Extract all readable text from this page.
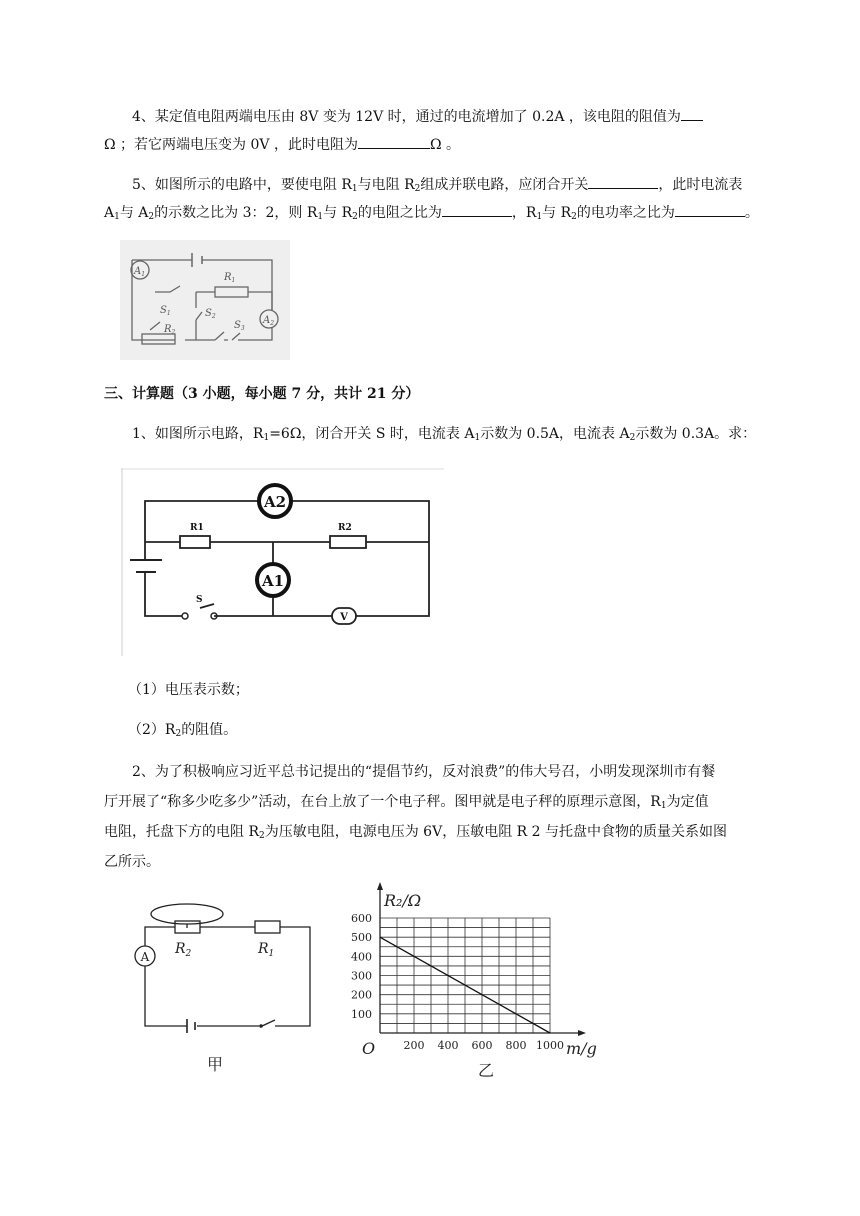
4、某定值电阻两端电压由 8V 变为 12V 时，通过的电流增加了 0.2A ，该电阻的阻值为
Ω ；若它两端电压变为 0V ，此时电阻为	Ω 。
5、如图所示的电路中，要使电阻 $R_1$与电阻 $R_2$组成并联电路，应闭合开关	，此时电流表
$A_1$与 $A_2$的示数之比为 3：2，则 $R_1$与 $R_2$的电阻之比为	，$R_1$与 $R_2$的电功率之比为	。
$A_1$
$A_2$
$R_1$
$R_2$
$S_1$	$S_2$
$S_3$
三、计算题（3 小题，每小题 7 分，共计 21 分）
1、如图所示电路，$R_1=6\Omega$，闭合开关 S 时，电流表 $A_1$示数为 0.5A，电流表 $A_2$示数为 0.3A。求：
A2
A1
R1	R2
S
V
（1）电压表示数；
$(2)R_2$的阻值。
2、为了积极响应习近平总书记提出的“提倡节约，反对浪费”的伟大号召，小明发现深圳市有餐
厅开展了“称多少吃多少”活动，在台上放了一个电子秤。图甲就是电子秤的原理示意图，$R_1$为定值
电阻，托盘下方的电阻 $R_2$为压敏电阻，电源电压为 6V，压敏电阻 R 2 与托盘中食物的质量关系如图
乙所示。
A $R_2$	$R_1$
甲
200 400 600 800 1000
100
200
300
400
500
600
R₂/Ω
m/g
O
乙
